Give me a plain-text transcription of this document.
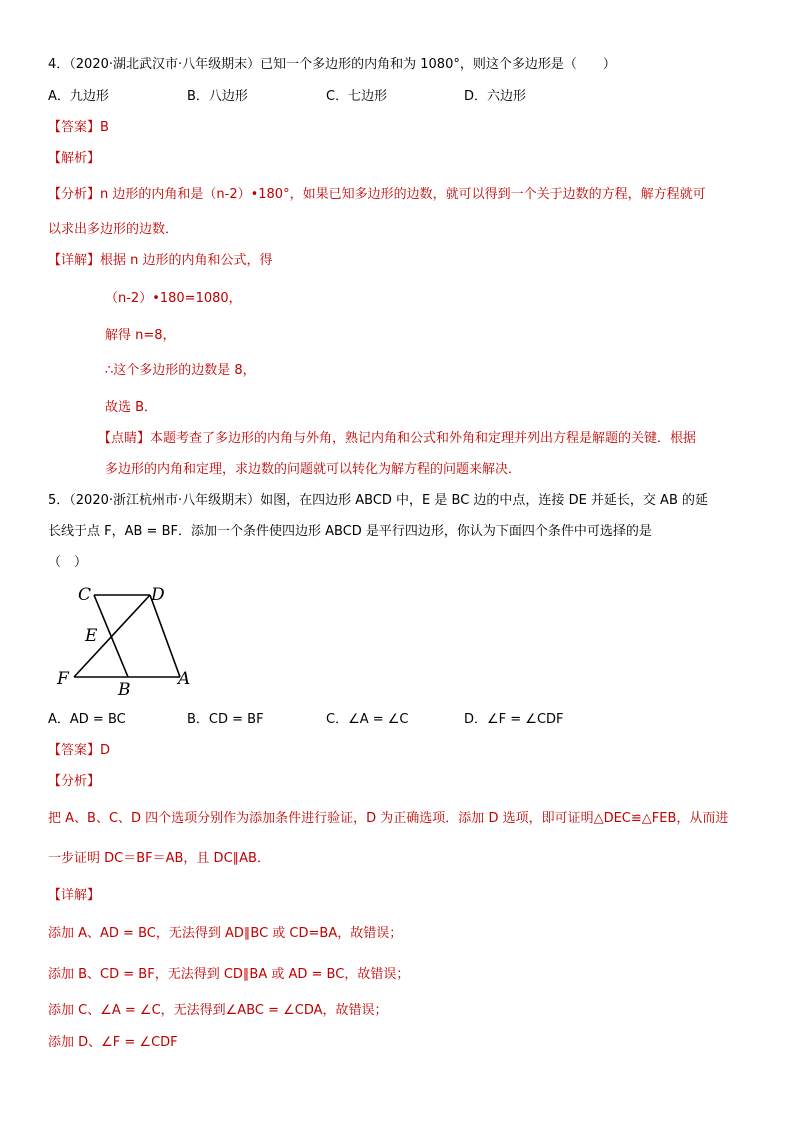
4．（2020·湖北武汉市·八年级期末）已知一个多边形的内角和为 1080°，则这个多边形是（　　）
A．九边形	B．八边形	C．七边形	D．六边形
【答案】B
【解析】
【分析】n 边形的内角和是（n-2）•180°，如果已知多边形的边数，就可以得到一个关于边数的方程，解方程就可
以求出多边形的边数．
【详解】根据 n 边形的内角和公式，得
（n-2）•180=1080，
解得 n=8，
∴这个多边形的边数是 8，
故选 B．
【点睛】本题考查了多边形的内角与外角，熟记内角和公式和外角和定理并列出方程是解题的关键．根据
多边形的内角和定理，求边数的问题就可以转化为解方程的问题来解决．
5．（2020·浙江杭州市·八年级期末）如图，在四边形 ABCD 中，E 是 BC 边的中点，连接 DE 并延长，交 AB 的延
长线于点 F，AB = BF．添加一个条件使四边形 ABCD 是平行四边形，你认为下面四个条件中可选择的是
（　）
C	D
E
F
B
A
A．AD = BC	B．CD = BF	C．∠A = ∠C	D．∠F = ∠CDF
【答案】D
【分析】
把 A、B、C、D 四个选项分别作为添加条件进行验证，D 为正确选项．添加 D 选项，即可证明△DEC≌△FEB，从而进
一步证明 DC＝BF＝AB，且 DC∥AB．
【详解】
添加 A、AD = BC，无法得到 AD∥BC 或 CD=BA，故错误；
添加 B、CD = BF，无法得到 CD∥BA 或 AD = BC，故错误；
添加 C、∠A = ∠C，无法得到∠ABC = ∠CDA，故错误；
添加 D、∠F = ∠CDF
